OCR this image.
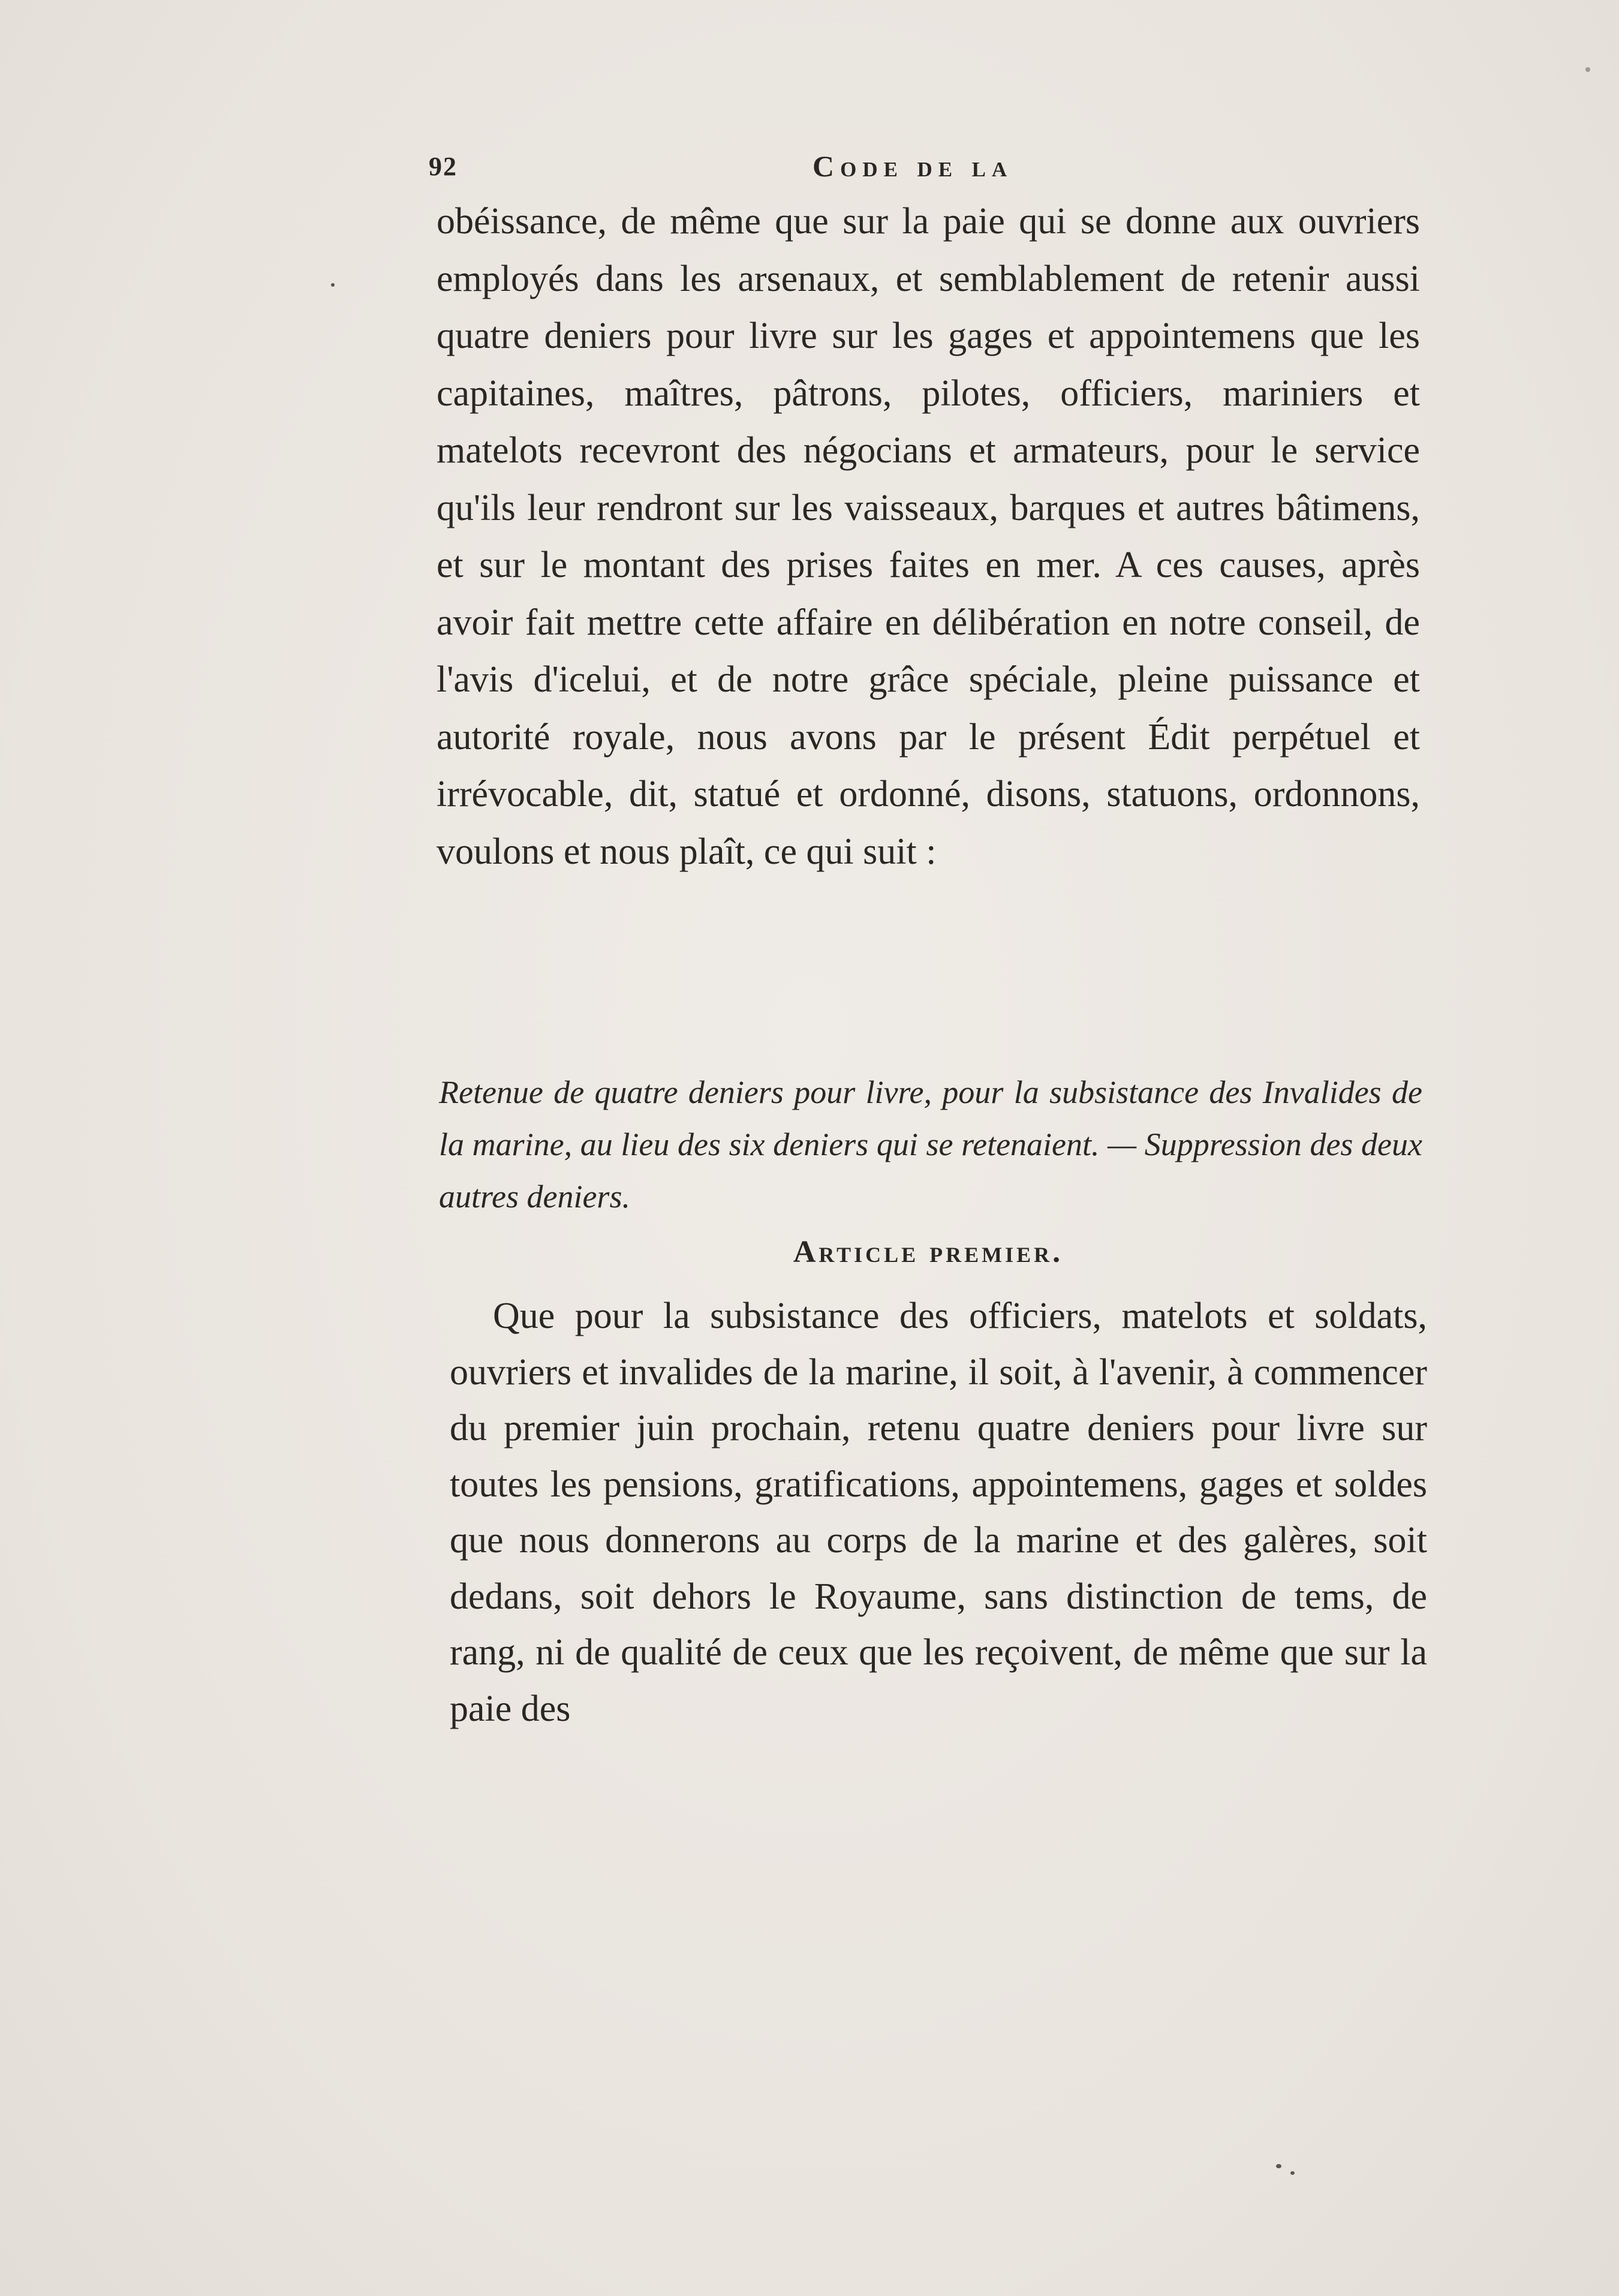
92	Code de la

obéissance, de même que sur la paie qui se donne aux ouvriers employés dans les arsenaux, et semblablement de retenir aussi quatre deniers pour livre sur les gages et appointemens que les capitaines, maîtres, pâtrons, pilotes, officiers, mariniers et matelots recevront des négocians et armateurs, pour le service qu'ils leur rendront sur les vaisseaux, barques et autres bâtimens, et sur le montant des prises faites en mer. A ces causes, après avoir fait mettre cette affaire en délibération en notre conseil, de l'avis d'icelui, et de notre grâce spéciale, pleine puissance et autorité royale, nous avons par le présent Édit perpétuel et irrévocable, dit, statué et ordonné, disons, statuons, ordonnons, voulons et nous plaît, ce qui suit :

Retenue de quatre deniers pour livre, pour la subsistance des Invalides de la marine, au lieu des six deniers qui se retenaient. — Suppression des deux autres deniers.

Article premier.

Que pour la subsistance des officiers, matelots et soldats, ouvriers et invalides de la marine, il soit, à l'avenir, à commencer du premier juin prochain, retenu quatre deniers pour livre sur toutes les pensions, gratifications, appointemens, gages et soldes que nous donnerons au corps de la marine et des galères, soit dedans, soit dehors le Royaume, sans distinction de tems, de rang, ni de qualité de ceux que les reçoivent, de même que sur la paie des
